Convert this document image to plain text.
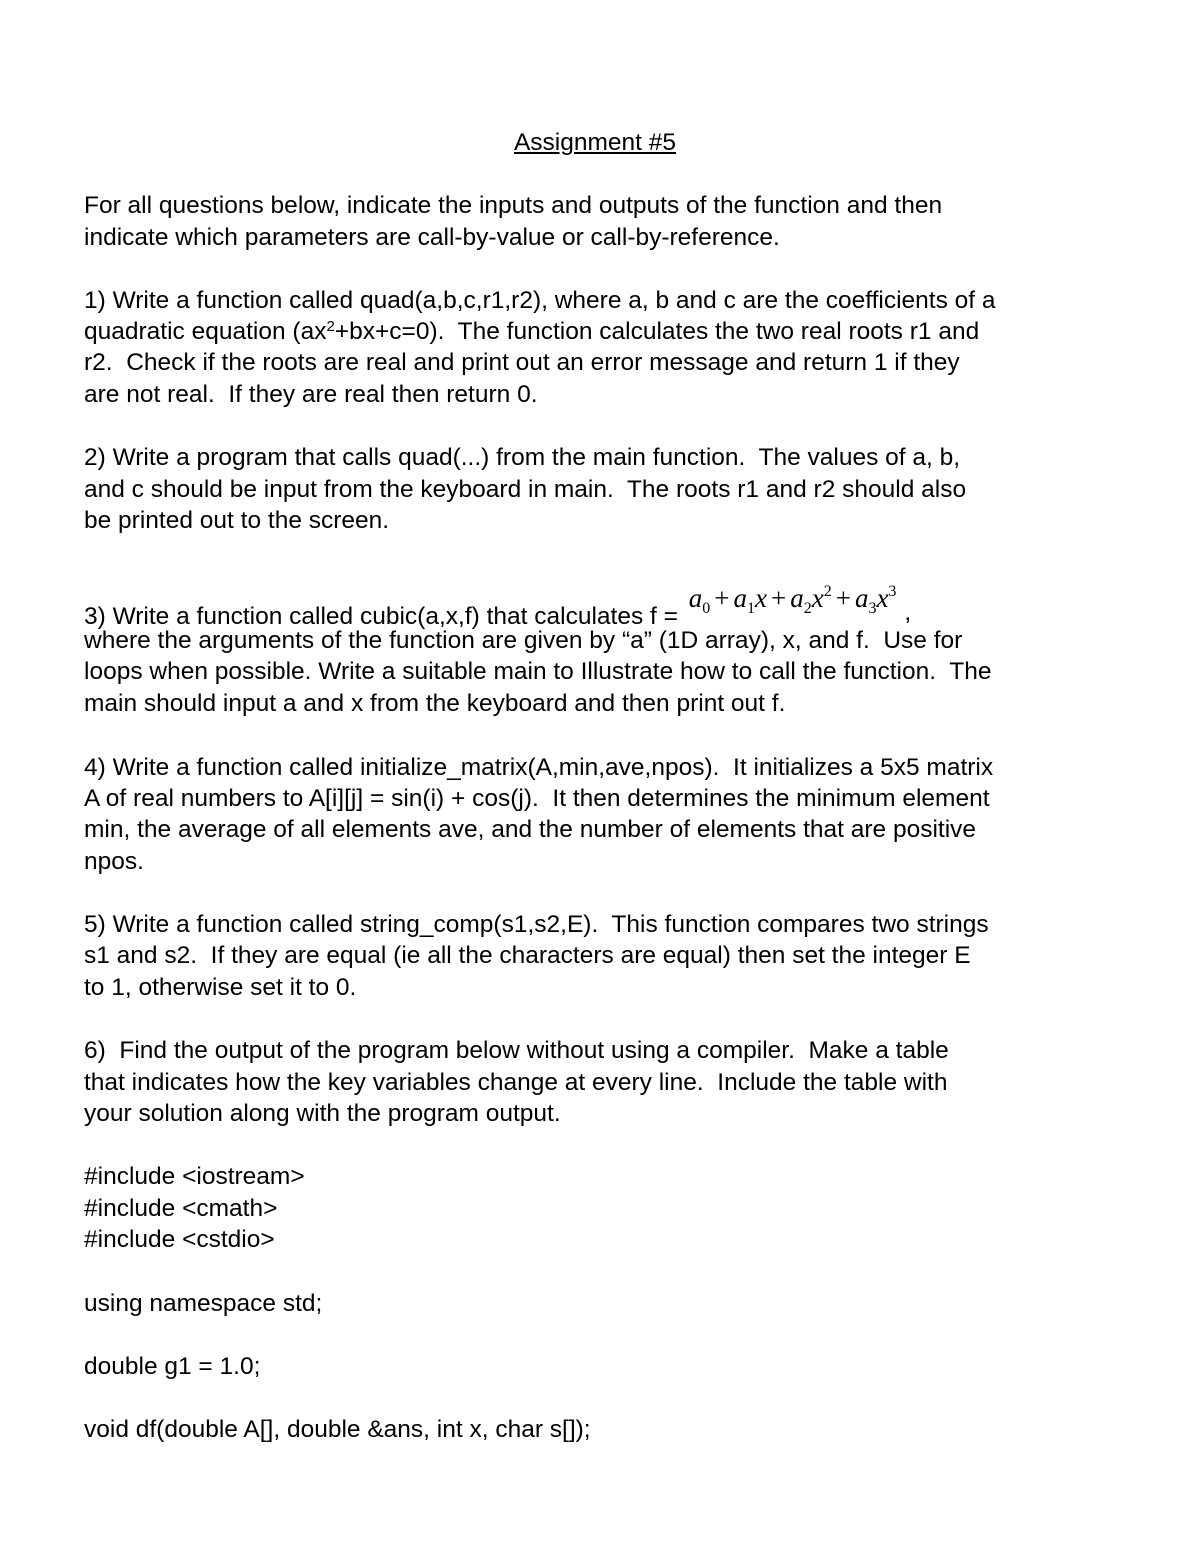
Assignment #5

For all questions below, indicate the inputs and outputs of the function and then

indicate which parameters are call-by-value or call-by-reference.

1) Write a function called quad(a,b,c,r1,r2), where a, b and c are the coefficients of a

quadratic equation $(ax^2+bx+c=0)$.  The function calculates the two real roots r1 and

r2.  Check if the roots are real and print out an error message and return 1 if they

are not real.  If they are real then return 0.

2) Write a program that calls quad(...) from the main function.  The values of a, b,

and c should be input from the keyboard in main.  The roots r1 and r2 should also

be printed out to the screen.

3) Write a function called cubic(a,x,f) that calculates $f = a_0 + a_1x + a_2x^2 + a_3x^3$,

where the arguments of the function are given by “a” (1D array), x, and f.  Use for

loops when possible. Write a suitable main to Illustrate how to call the function.  The

main should input a and x from the keyboard and then print out f.

4) Write a function called initialize_matrix(A,min,ave,npos).  It initializes a 5x5 matrix

A of real numbers to A[i][j] = sin(i) + cos(j).  It then determines the minimum element

min, the average of all elements ave, and the number of elements that are positive

npos.

5) Write a function called string_comp(s1,s2,E).  This function compares two strings

s1 and s2.  If they are equal (ie all the characters are equal) then set the integer E

to 1, otherwise set it to 0.

6)  Find the output of the program below without using a compiler.  Make a table

that indicates how the key variables change at every line.  Include the table with

your solution along with the program output.

#include <iostream>

#include <cmath>

#include <cstdio>

using namespace std;

double g1 = 1.0;

void df(double A[], double &ans, int x, char s[]);
